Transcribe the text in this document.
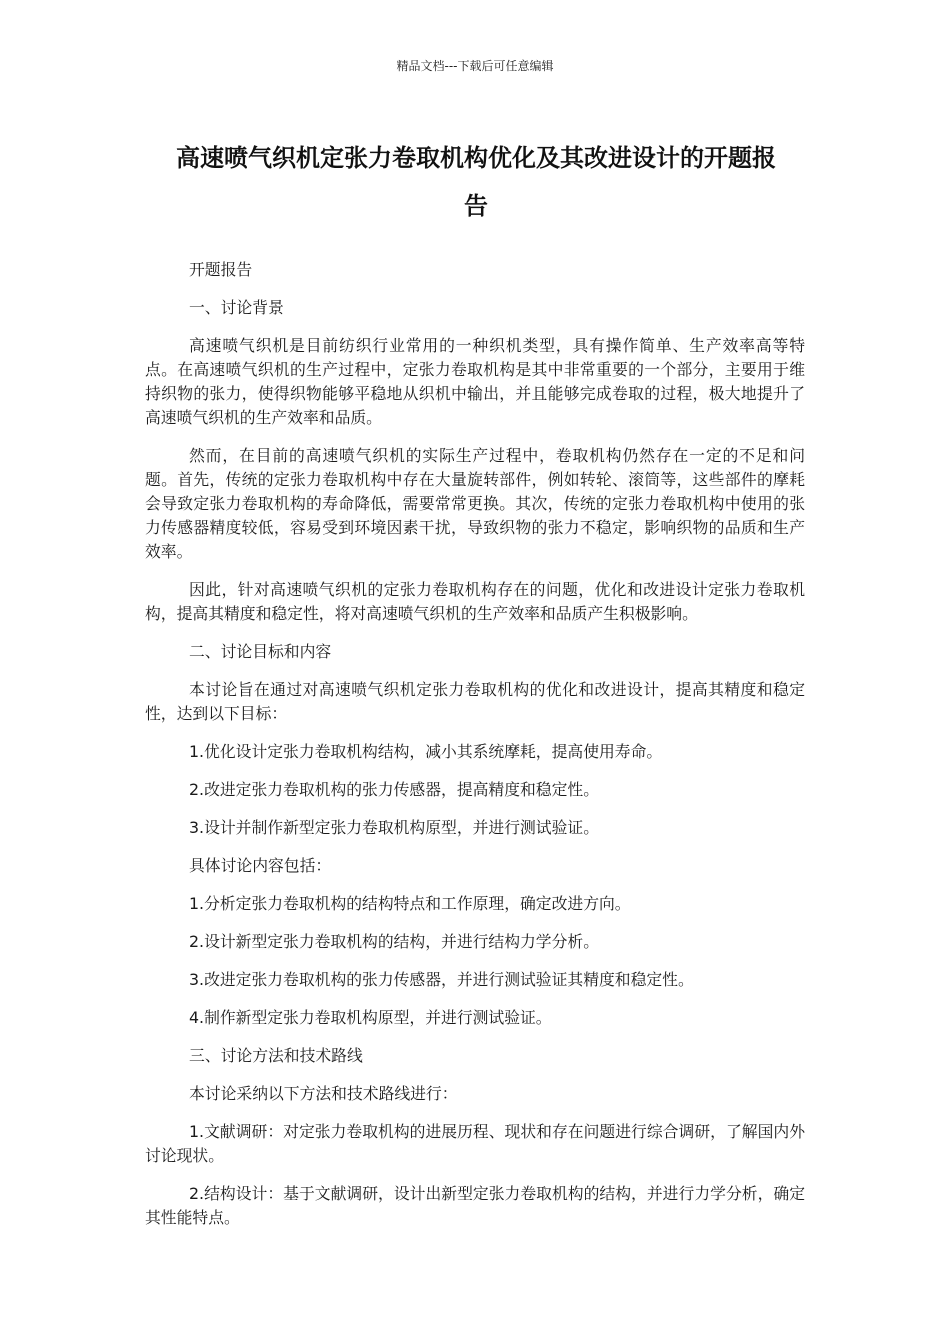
精品文档---下载后可任意编辑
高速喷气织机定张力卷取机构优化及其改进设计的开题报
告

开题报告

一、讨论背景

高速喷气织机是目前纺织行业常用的一种织机类型，具有操作简单、生产效率高等特点。在高速喷气织机的生产过程中，定张力卷取机构是其中非常重要的一个部分，主要用于维持织物的张力，使得织物能够平稳地从织机中输出，并且能够完成卷取的过程，极大地提升了高速喷气织机的生产效率和品质。

然而，在目前的高速喷气织机的实际生产过程中，卷取机构仍然存在一定的不足和问题。首先，传统的定张力卷取机构中存在大量旋转部件，例如转轮、滚筒等，这些部件的摩耗会导致定张力卷取机构的寿命降低，需要常常更换。其次，传统的定张力卷取机构中使用的张力传感器精度较低，容易受到环境因素干扰，导致织物的张力不稳定，影响织物的品质和生产效率。

因此，针对高速喷气织机的定张力卷取机构存在的问题，优化和改进设计定张力卷取机构，提高其精度和稳定性，将对高速喷气织机的生产效率和品质产生积极影响。

二、讨论目标和内容

本讨论旨在通过对高速喷气织机定张力卷取机构的优化和改进设计，提高其精度和稳定性，达到以下目标：

1.优化设计定张力卷取机构结构，减小其系统摩耗，提高使用寿命。

2.改进定张力卷取机构的张力传感器，提高精度和稳定性。

3.设计并制作新型定张力卷取机构原型，并进行测试验证。

具体讨论内容包括：

1.分析定张力卷取机构的结构特点和工作原理，确定改进方向。

2.设计新型定张力卷取机构的结构，并进行结构力学分析。

3.改进定张力卷取机构的张力传感器，并进行测试验证其精度和稳定性。

4.制作新型定张力卷取机构原型，并进行测试验证。

三、讨论方法和技术路线

本讨论采纳以下方法和技术路线进行：

1.文献调研：对定张力卷取机构的进展历程、现状和存在问题进行综合调研，了解国内外讨论现状。

2.结构设计：基于文献调研，设计出新型定张力卷取机构的结构，并进行力学分析，确定其性能特点。
